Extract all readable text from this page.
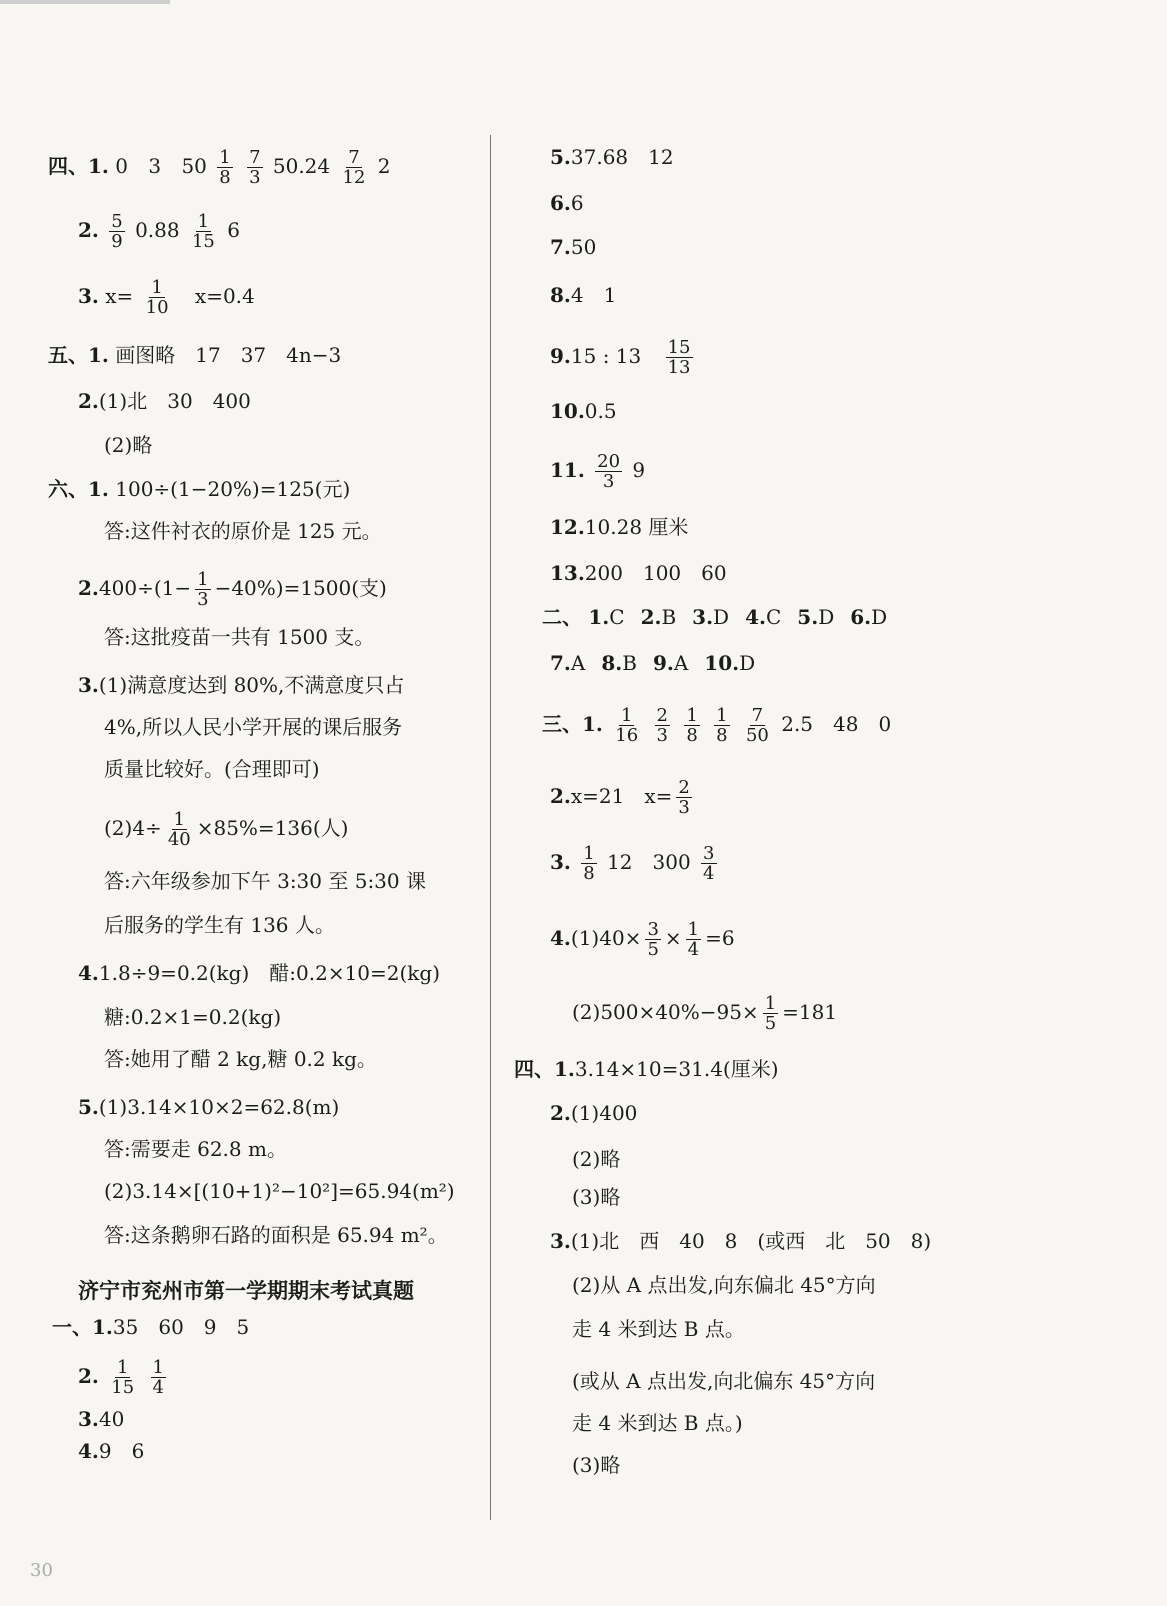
四、1. 0 3 $50 \frac{1}{8}$
$\frac{7}{3} 50.24 \frac{7}{12} 2$
2. $\frac{5}{9} 0.88 \frac{1}{15} 6$
3. $x= \frac{1}{10} x=0.4$
五、1. 画图略　17　37　4n−3
2.(1)北　30　400
(2)略
六、1. 100÷(1−20%)=125(元)
答:这件衬衣的原价是 125 元。
$2.400\div(1- \frac{1}{3} -40\%)=1500$(支)
答:这批疫苗一共有 1500 支。
3.(1)满意度达到 80%,不满意度只占
4%,所以人民小学开展的课后服务
质量比较好。(合理即可)
$(2)4\div \frac{1}{40} \times 85\%=136$(人)
答:六年级参加下午 3:30 至 5:30 课
后服务的学生有 136 人。
4.1.8÷9=0.2(kg)　醋:0.2×10=2(kg)
糖:0.2×1=0.2(kg)
答:她用了醋 2 kg,糖 0.2 kg。
5.(1)3.14×10×2=62.8(m)
答:需要走 62.8 m。
(2)3.14×[(10+1)²−10²]=65.94(m²)
答:这条鹅卵石路的面积是 65.94 m²。
济宁市兖州市第一学期期末考试真题
一、1.35　60　9　5
2. $\frac{1}{15}$
$\frac{1}{4}$
3.40
4.9　6
5.37.68　12
6.6
7.50
8.4　1
9.15 : $13 \frac{15}{13}$
10.0.5
11. $\frac{20}{3} 9$
12.10.28 厘米
13.200　100　60
二、 1.C 2.B 3.D 4.C 5.D 6.D
7.A 8.B 9.A 10.D
三、1. $\frac{1}{16}$
$\frac{2}{3}$
$\frac{1}{8}$
$\frac{1}{8}$
$\frac{7}{50} 2.5$　48　0
2.x=21　$x= \frac{2}{3}$
3. $\frac{1}{8} 12$　$300 \frac{3}{4}$
$4.(1)40\times \frac{3}{5} \times \frac{1}{4} =6$
$(2)500\times 40\%-95\times \frac{1}{5} =181$
四、1.3.14×10=31.4(厘米)
2.(1)400
(2)略
(3)略
3.(1)北　西　40　8　(或西　北　50　8)
(2)从 A 点出发,向东偏北 45°方向
走 4 米到达 B 点。
(或从 A 点出发,向北偏东 45°方向
走 4 米到达 B 点。)
(3)略
30
